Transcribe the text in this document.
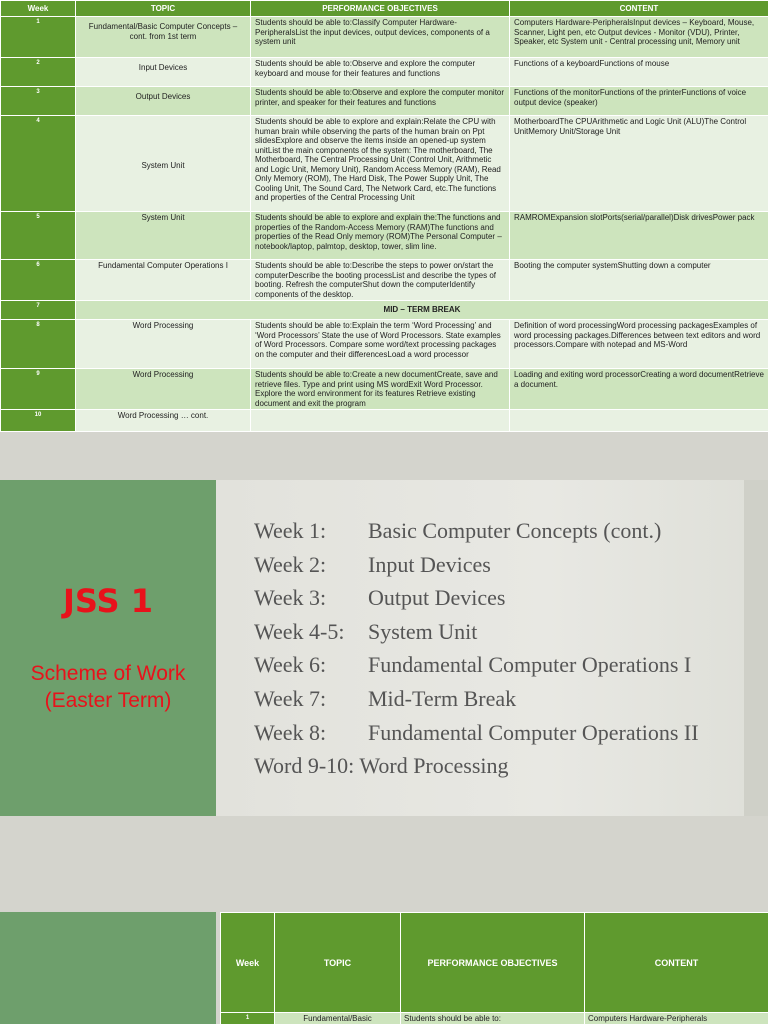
Week	TOPIC	PERFORMANCE OBJECTIVES	CONTENT
1	Fundamental/Basic Computer Concepts – cont. from 1st term	Students should be able to:Classify Computer Hardware-PeripheralsList the input devices, output devices, components of a system unit	Computers Hardware-PeripheralsInput devices – Keyboard, Mouse, Scanner, Light pen, etc Output devices - Monitor (VDU), Printer, Speaker, etc System unit - Central processing unit, Memory unit
2	Input Devices	Students should be able to:Observe and explore the computer keyboard and mouse for their features and functions	Functions of a keyboardFunctions of mouse
3	Output Devices	Students should be able to:Observe and explore the computer monitor printer, and speaker for their features and functions	Functions of the monitorFunctions of the printerFunctions of voice output device (speaker)
4	System Unit	Students should be able to explore and explain:Relate the CPU with human brain while observing the parts of the human brain on Ppt slidesExplore and observe the items inside an opened-up system unitList the main components of the system: The motherboard, The Motherboard, The Central Processing Unit (Control Unit, Arithmetic and Logic Unit, Memory Unit), Random Access Memory (RAM), Read Only Memory (ROM), The Hard Disk, The Power Supply Unit, The Cooling Unit, The Sound Card, The Network Card, etc.The functions and properties of the Central Processing Unit	MotherboardThe CPUArithmetic and Logic Unit (ALU)The Control UnitMemory Unit/Storage Unit
5	System Unit	Students should be able to explore and explain the:The functions and properties of the Random-Access Memory (RAM)The functions and properties of the Read Only memory (ROM)The Personal Computer – notebook/laptop, palmtop, desktop, tower, slim line.	RAMROMExpansion slotPorts(serial/parallel)Disk drivesPower pack
6	Fundamental Computer Operations I	Students should be able to:Describe the steps to power on/start the computerDescribe the booting processList and describe the types of booting. Refresh the computerShut down the computerIdentify components of the desktop.	Booting the computer systemShutting down a computer
7	MID – TERM BREAK		
8	Word Processing	Students should be able to:Explain the term ‘Word Processing’ and ‘Word Processors’ State the use of Word Processors. State examples of Word Processors. Compare some word/text processing packages on the computer and their differencesLoad a word processor	Definition of word processingWord processing packagesExamples of word processing packages.Differences between text editors and word processors.Compare with notepad and MS-Word
9	Word Processing	Students should be able to:Create a new documentCreate, save and retrieve files. Type and print using MS wordExit Word Processor. Explore the word environment for its features Retrieve existing document and exit the program	Loading and exiting word processorCreating a word documentRetrieve a document.
10	Word Processing … cont.		
JSS 1
Scheme of Work (Easter Term)
Week 1:	Basic Computer Concepts (cont.)
Week 2:	Input Devices
Week 3:	Output Devices
Week 4-5:	System Unit
Week 6:	Fundamental Computer Operations I
Week 7:	Mid-Term Break
Week 8:	Fundamental Computer Operations II
Word 9-10: Word Processing
Week	TOPIC	PERFORMANCE OBJECTIVES	CONTENT
1	Fundamental/Basic	Students should be able to:	Computers Hardware-Peripherals
